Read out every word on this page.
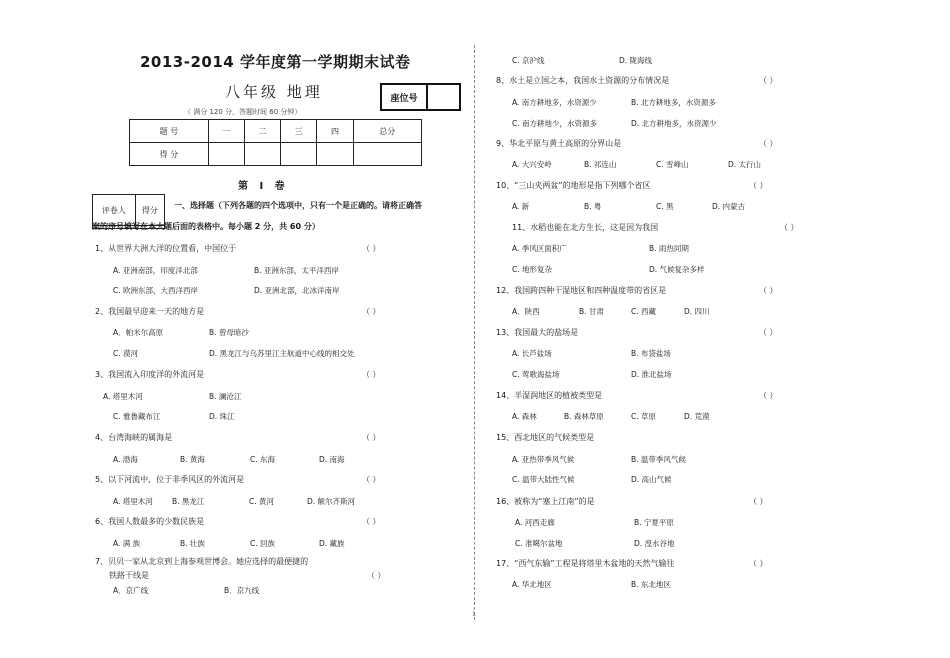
2013-2014 学年度第一学期期末试卷
八年级 地理
（ 满分 120 分，答题时间 60 分钟）
座位号
题 号	一	二	三	四	总分
得 分					
第 Ⅰ 卷
评卷人	得分

一、选择题（下列各题的四个选项中，只有一个是正确的。请将正确答
案的序号填写在本大题后面的表格中。每小题 2 分，共 60 分）
1、从世界大洲大洋的位置看，中国位于	（ ）
A. 亚洲南部，印度洋北部	B. 亚洲东部，太平洋西岸
C. 欧洲东部，大西洋西岸	D. 亚洲北部，北冰洋南岸
2、我国最早迎来一天的地方是	（ ）
A．帕米尔高原	B. 曾母暗沙
C. 漠河	D. 黑龙江与乌苏里江主航道中心线的相交处
3、我国流入印度洋的外流河是	（ ）
A. 塔里木河	B. 澜沧江
C. 雅鲁藏布江	D. 珠江
4、台湾海峡的属海是	（ ）
A. 渤海	B. 黄海	C. 东海	D. 南海
5、以下河流中，位于非季风区的外流河是	（ ）
A. 塔里木河	B. 黑龙江	C. 黄河	D. 额尔齐斯河
6、我国人数最多的少数民族是	（ ）
A. 满 族	B. 壮族	C. 回族	D. 藏族
7、贝贝一家从北京到上海参观世博会。她应选择的最便捷的
铁路干线是	（ ）
A．京广线	B．京九线
C. 京沪线	D. 陇海线
8、水土是立国之本，我国水土资源的分布情况是	（ ）
A. 南方耕地多，水资源少	B. 北方耕地多，水资源多
C. 南方耕地少，水资源多	D. 北方耕地多，水资源少
9、华北平原与黄土高原的分界山是	（ ）
A. 大兴安岭	B. 祁连山	C. 雪峰山	D. 太行山
10、“三山夹两盆”的地形是指下列哪个省区	（ ）
A. 新	B. 粤	C. 黑	D. 内蒙古
11、水稻也能在北方生长，这是因为我国	（ ）
A. 季风区面积广	B. 雨热同期
C. 地形复杂	D. 气候复杂多样
12、我国跨四种干湿地区和四种温度带的省区是	（ ）
A．陕西	B. 甘肃	C. 西藏	D. 四川
13、我国最大的盐场是	（ ）
A. 长芦盐场	B. 布袋盐场
C. 莺歌海盐场	D. 淮北盐场
14、半湿润地区的植被类型是	（ ）
A. 森林	B. 森林草原	C. 草原	D. 荒漠
15、西北地区的气候类型是
A. 亚热带季风气候	B. 温带季风气候
C. 温带大陆性气候	D. 高山气候
16、被称为“塞上江南”的是	（ ）
A. 河西走廊	B. 宁夏平原
C. 准噶尔盆地	D. 湟水谷地
17、“西气东输”工程是将塔里木盆地的天然气输往	（ ）
A. 华北地区	B. 东北地区
1
